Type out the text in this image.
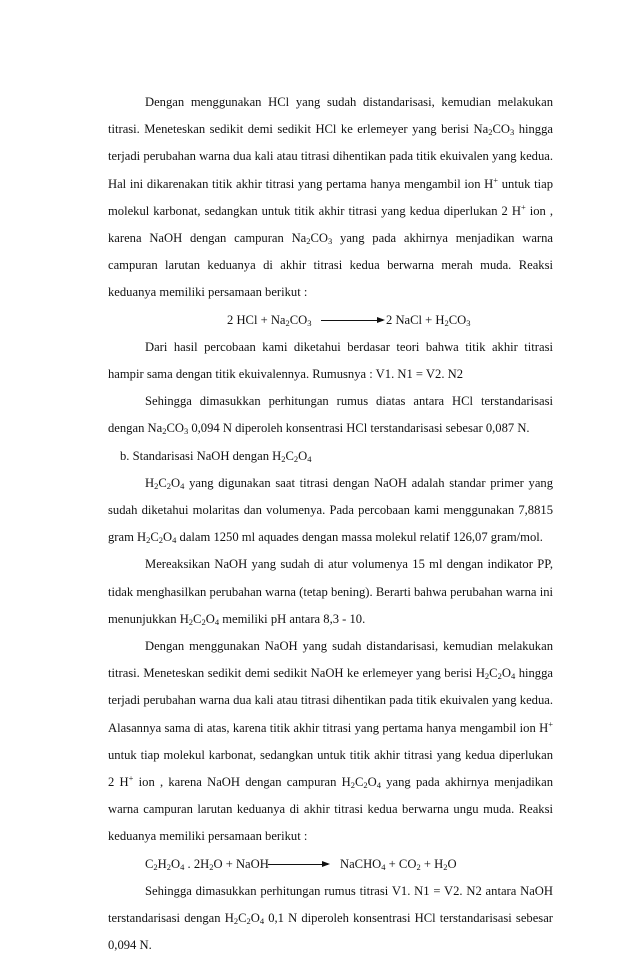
Dengan menggunakan HCl yang sudah distandarisasi, kemudian melakukan titrasi. Meneteskan sedikit demi sedikit HCl ke erlemeyer yang berisi $Na_2CO_3$ hingga terjadi perubahan warna dua kali atau titrasi dihentikan pada titik ekuivalen yang kedua. Hal ini dikarenakan titik akhir titrasi yang pertama hanya mengambil ion H+ untuk tiap molekul karbonat, sedangkan untuk titik akhir titrasi yang kedua diperlukan 2 H+ ion , karena NaOH dengan campuran $Na_2CO_3$ yang pada akhirnya menjadikan warna campuran larutan keduanya di akhir titrasi kedua berwarna merah muda. Reaksi keduanya memiliki persamaan berikut :

2 HCl + $Na_2CO_3$	2 NaCl + $H_2CO_3$

Dari hasil percobaan kami diketahui berdasar teori bahwa titik akhir titrasi hampir sama dengan titik ekuivalennya. Rumusnya : V1. N1 = V2. N2

Sehingga dimasukkan perhitungan rumus diatas antara HCl terstandarisasi dengan $Na_2CO_3$ 0,094 N diperoleh konsentrasi HCl terstandarisasi sebesar 0,087 N.

b. Standarisasi NaOH dengan $H_2C_2O_4$

$H_2C_2O_4$ yang digunakan saat titrasi dengan NaOH adalah standar primer yang sudah diketahui molaritas dan volumenya. Pada percobaan kami menggunakan 7,8815 gram $H_2C_2O_4$ dalam 1250 ml aquades dengan massa molekul relatif 126,07 gram/mol.

Mereaksikan NaOH yang sudah di atur volumenya 15 ml dengan indikator PP, tidak menghasilkan perubahan warna (tetap bening). Berarti bahwa perubahan warna ini menunjukkan $H_2C_2O_4$ memiliki pH antara 8,3 - 10.

Dengan menggunakan NaOH yang sudah distandarisasi, kemudian melakukan titrasi. Meneteskan sedikit demi sedikit NaOH ke erlemeyer yang berisi $H_2C_2O_4$ hingga terjadi perubahan warna dua kali atau titrasi dihentikan pada titik ekuivalen yang kedua. Alasannya sama di atas, karena titik akhir titrasi yang pertama hanya mengambil ion H+ untuk tiap molekul karbonat, sedangkan untuk titik akhir titrasi yang kedua diperlukan 2 H+ ion , karena NaOH dengan campuran $H_2C_2O_4$ yang pada akhirnya menjadikan warna campuran larutan keduanya di akhir titrasi kedua berwarna ungu muda. Reaksi keduanya memiliki persamaan berikut :

$C_2H_2O_4$ . $2H_2O$ + NaOH	NaCHO$_4$ + $CO_2 + H_2O$

Sehingga dimasukkan perhitungan rumus titrasi V1. N1 = V2. N2 antara NaOH terstandarisasi dengan $H_2C_2O_4$ 0,1 N diperoleh konsentrasi HCl terstandarisasi sebesar 0,094 N.
